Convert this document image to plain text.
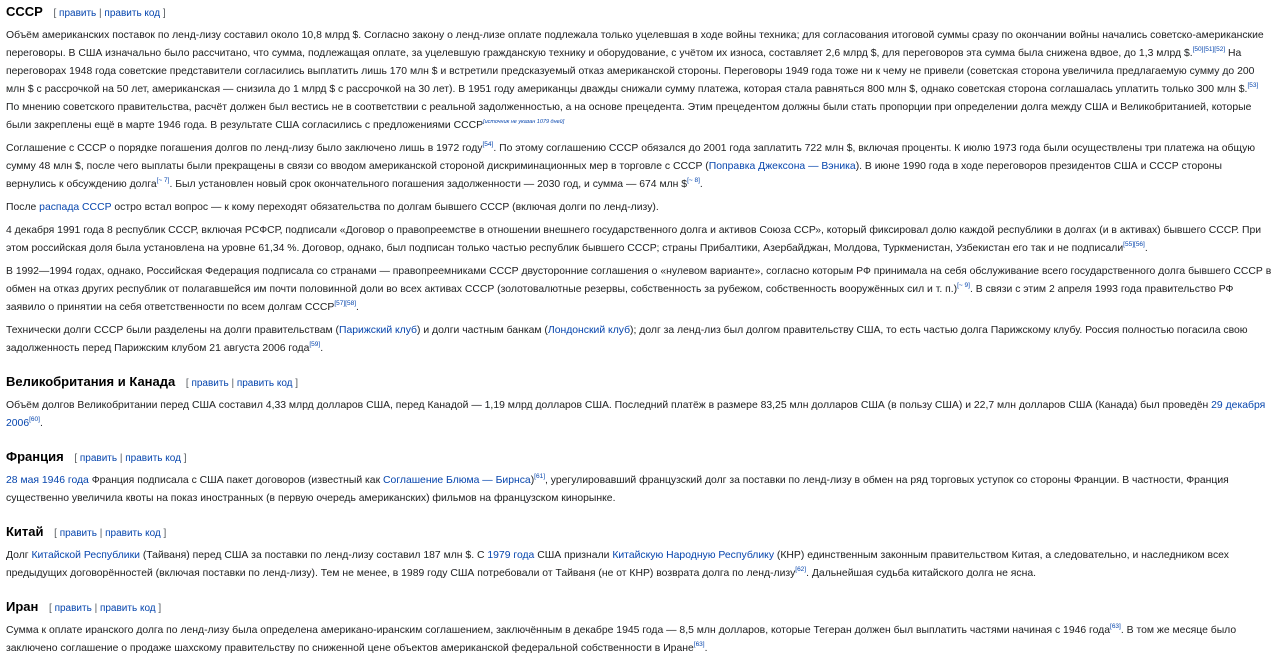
СССР [ править | править код ]

Объём американских поставок по ленд-лизу составил около 10,8 млрд $. Согласно закону о ленд-лизе оплате подлежала только уцелевшая в ходе войны техника; для согласования итоговой суммы сразу по окончании войны начались советско-американские переговоры. В США изначально было рассчитано, что сумма, подлежащая оплате, за уцелевшую гражданскую технику и оборудование, с учётом их износа, составляет 2,6 млрд $, для переговоров эта сумма была снижена вдвое, до 1,3 млрд $.[50][51][52] На переговорах 1948 года советские представители согласились выплатить лишь 170 млн $ и встретили предсказуемый отказ американской стороны. Переговоры 1949 года тоже ни к чему не привели (советская сторона увеличила предлагаемую сумму до 200 млн $ с рассрочкой на 50 лет, американская — снизила до 1 млрд $ с рассрочкой на 30 лет). В 1951 году американцы дважды снижали сумму платежа, которая стала равняться 800 млн $, однако советская сторона соглашалась уплатить только 300 млн $.[53] По мнению советского правительства, расчёт должен был вестись не в соответствии с реальной задолженностью, а на основе прецедента. Этим прецедентом должны были стать пропорции при определении долга между США и Великобританией, которые были закреплены ещё в марте 1946 года. В результате США согласились с предложениями СССР[источник не указан 1079 дней]

Соглашение с СССР о порядке погашения долгов по ленд-лизу было заключено лишь в 1972 году[54]. По этому соглашению СССР обязался до 2001 года заплатить 722 млн $, включая проценты. К июлю 1973 года были осуществлены три платежа на общую сумму 48 млн $, после чего выплаты были прекращены в связи со вводом американской стороной дискриминационных мер в торговле с СССР (Поправка Джексона — Вэника). В июне 1990 года в ходе переговоров президентов США и СССР стороны вернулись к обсуждению долга[~ 7]. Был установлен новый срок окончательного погашения задолженности — 2030 год, и сумма — 674 млн $[~ 8].

После распада СССР остро встал вопрос — к кому переходят обязательства по долгам бывшего СССР (включая долги по ленд-лизу).

4 декабря 1991 года 8 республик СССР, включая РСФСР, подписали «Договор о правопреемстве в отношении внешнего государственного долга и активов Союза ССР», который фиксировал долю каждой республики в долгах (и в активах) бывшего СССР. При этом российская доля была установлена на уровне 61,34 %. Договор, однако, был подписан только частью республик бывшего СССР; страны Прибалтики, Азербайджан, Молдова, Туркменистан, Узбекистан его так и не подписали[55][56].

В 1992—1994 годах, однако, Российская Федерация подписала со странами — правопреемниками СССР двусторонние соглашения о «нулевом варианте», согласно которым РФ принимала на себя обслуживание всего государственного долга бывшего СССР в обмен на отказ других республик от полагавшейся им почти половинной доли во всех активах СССР (золотовалютные резервы, собственность за рубежом, собственность вооружённых сил и т. п.)[~ 9]. В связи с этим 2 апреля 1993 года правительство РФ заявило о принятии на себя ответственности по всем долгам СССР[57][58].

Технически долги СССР были разделены на долги правительствам (Парижский клуб) и долги частным банкам (Лондонский клуб); долг за ленд-лиз был долгом правительству США, то есть частью долга Парижскому клубу. Россия полностью погасила свою задолженность перед Парижским клубом 21 августа 2006 года[59].

Великобритания и Канада [ править | править код ]

Объём долгов Великобритании перед США составил 4,33 млрд долларов США, перед Канадой — 1,19 млрд долларов США. Последний платёж в размере 83,25 млн долларов США (в пользу США) и 22,7 млн долларов США (Канада) был проведён 29 декабря 2006[60].

Франция [ править | править код ]

28 мая 1946 года Франция подписала с США пакет договоров (известный как Соглашение Блюма — Бирнса)[61], урегулировавший французский долг за поставки по ленд-лизу в обмен на ряд торговых уступок со стороны Франции. В частности, Франция существенно увеличила квоты на показ иностранных (в первую очередь американских) фильмов на французском кинорынке.

Китай [ править | править код ]

Долг Китайской Республики (Тайваня) перед США за поставки по ленд-лизу составил 187 млн $. С 1979 года США признали Китайскую Народную Республику (КНР) единственным законным правительством Китая, а следовательно, и наследником всех предыдущих договорённостей (включая поставки по ленд-лизу). Тем не менее, в 1989 году США потребовали от Тайваня (не от КНР) возврата долга по ленд-лизу[62]. Дальнейшая судьба китайского долга не ясна.

Иран [ править | править код ]

Сумма к оплате иранского долга по ленд-лизу была определена американо-иранским соглашением, заключённым в декабре 1945 года — 8,5 млн долларов, которые Тегеран должен был выплатить частями начиная с 1946 года[63]. В том же месяце было заключено соглашение о продаже шахскому правительству по сниженной цене объектов американской федеральной собственности в Иране[63].
